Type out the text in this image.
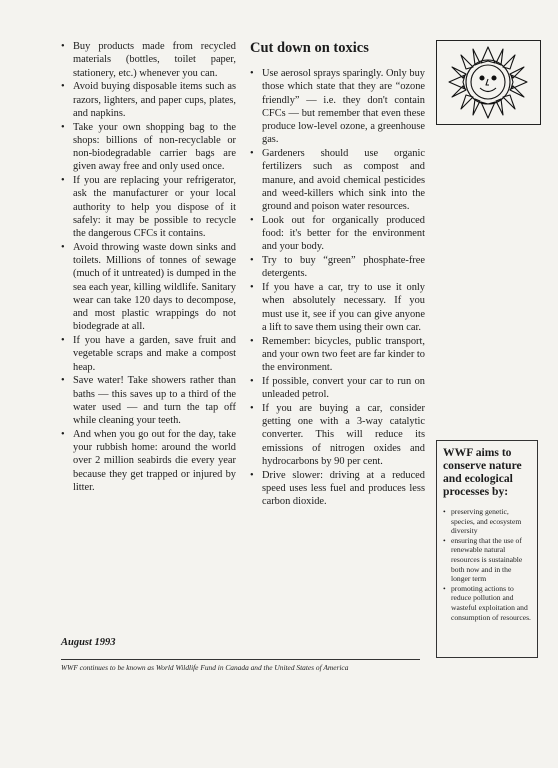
• Buy products made from recycled materials (bottles, toilet paper, stationery, etc.) whenever you can.
• Avoid buying disposable items such as razors, lighters, and paper cups, plates, and napkins.
• Take your own shopping bag to the shops: billions of non-recyclable or non-biodegradable carrier bags are given away free and only used once.
• If you are replacing your refrigerator, ask the manufacturer or your local authority to help you dispose of it safely: it may be possible to recycle the dangerous CFCs it contains.
• Avoid throwing waste down sinks and toilets. Millions of tonnes of sewage (much of it untreated) is dumped in the sea each year, killing wildlife. Sanitary wear can take 120 days to decompose, and most plastic wrappings do not biodegrade at all.
• If you have a garden, save fruit and vegetable scraps and make a compost heap.
• Save water! Take showers rather than baths — this saves up to a third of the water used — and turn the tap off while cleaning your teeth.
• And when you go out for the day, take your rubbish home: around the world over 2 million seabirds die every year because they get trapped or injured by litter.
Cut down on toxics
• Use aerosol sprays sparingly. Only buy those which state that they are “ozone friendly” — i.e. they don't contain CFCs — but remember that even these produce low-level ozone, a greenhouse gas.
• Gardeners should use organic fertilizers such as compost and manure, and avoid chemical pesticides and weed-killers which sink into the ground and poison water resources.
• Look out for organically produced food: it's better for the environment and your body.
• Try to buy “green” phosphate-free detergents.
• If you have a car, try to use it only when absolutely necessary. If you must use it, see if you can give anyone a lift to save them using their own car.
• Remember: bicycles, public transport, and your own two feet are far kinder to the environment.
• If possible, convert your car to run on unleaded petrol.
• If you are buying a car, consider getting one with a 3-way catalytic converter. This will reduce its emissions of nitrogen oxides and hydrocarbons by 90 per cent.
• Drive slower: driving at a reduced speed uses less fuel and produces less carbon dioxide.
WWF aims to conserve nature and ecological processes by:
• preserving genetic, species, and ecosystem diversity
• ensuring that the use of renewable natural resources is sustainable both now and in the longer term
• promoting actions to reduce pollution and wasteful exploitation and consumption of resources.
August 1993
WWF continues to be known as World Wildlife Fund in Canada and the United States of America
